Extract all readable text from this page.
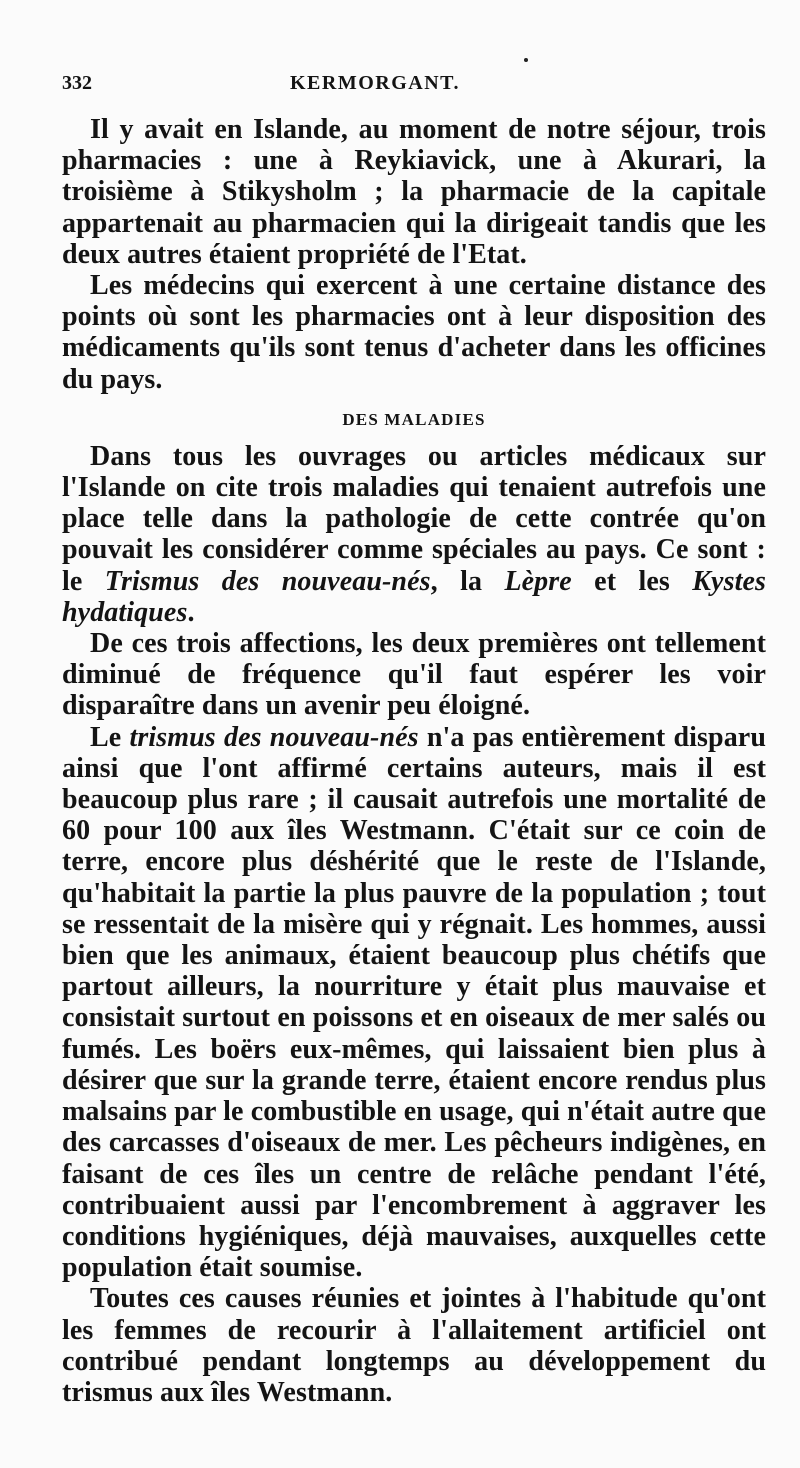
332	KERMORGANT.

Il y avait en Islande, au moment de notre séjour, trois pharmacies : une à Reykiavick, une à Akurari, la troisième à Stikysholm ; la pharmacie de la capitale appartenait au pharmacien qui la dirigeait tandis que les deux autres étaient propriété de l'Etat.

Les médecins qui exercent à une certaine distance des points où sont les pharmacies ont à leur disposition des médicaments qu'ils sont tenus d'acheter dans les officines du pays.

DES MALADIES

Dans tous les ouvrages ou articles médicaux sur l'Islande on cite trois maladies qui tenaient autrefois une place telle dans la pathologie de cette contrée qu'on pouvait les considérer comme spéciales au pays. Ce sont : le Trismus des nouveau-nés, la Lèpre et les Kystes hydatiques.

De ces trois affections, les deux premières ont tellement diminué de fréquence qu'il faut espérer les voir disparaître dans un avenir peu éloigné.

Le trismus des nouveau-nés n'a pas entièrement disparu ainsi que l'ont affirmé certains auteurs, mais il est beaucoup plus rare ; il causait autrefois une mortalité de 60 pour 100 aux îles Westmann. C'était sur ce coin de terre, encore plus déshérité que le reste de l'Islande, qu'habitait la partie la plus pauvre de la population ; tout se ressentait de la misère qui y régnait. Les hommes, aussi bien que les animaux, étaient beaucoup plus chétifs que partout ailleurs, la nourriture y était plus mauvaise et consistait surtout en poissons et en oiseaux de mer salés ou fumés. Les boërs eux-mêmes, qui laissaient bien plus à désirer que sur la grande terre, étaient encore rendus plus malsains par le combustible en usage, qui n'était autre que des carcasses d'oiseaux de mer. Les pêcheurs indigènes, en faisant de ces îles un centre de relâche pendant l'été, contribuaient aussi par l'encombrement à aggraver les conditions hygiéniques, déjà mauvaises, auxquelles cette population était soumise.

Toutes ces causes réunies et jointes à l'habitude qu'ont les femmes de recourir à l'allaitement artificiel ont contribué pendant longtemps au développement du trismus aux îles Westmann.
